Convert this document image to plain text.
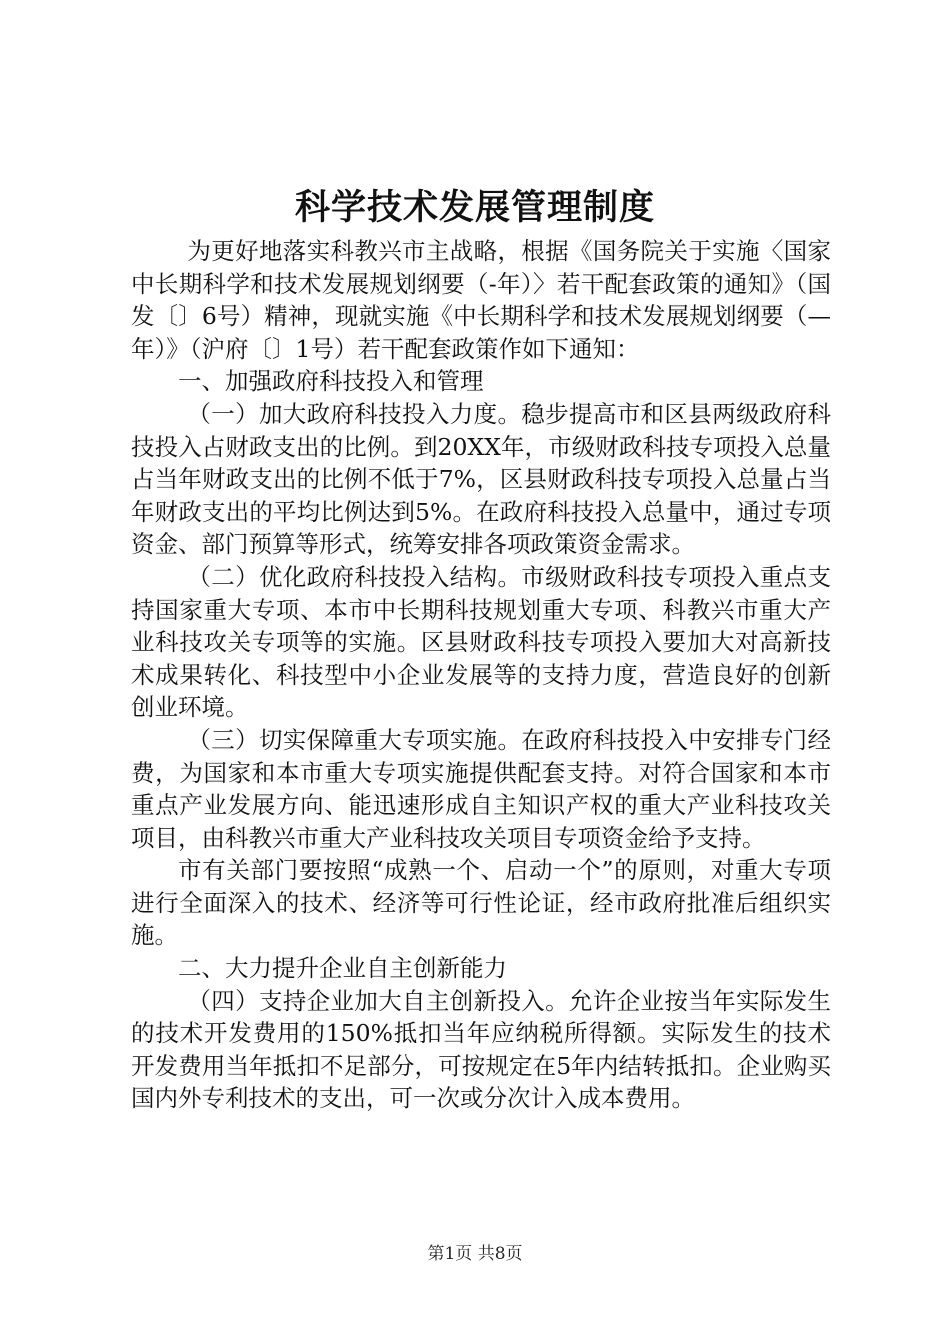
科学技术发展管理制度

为更好地落实科教兴市主战略，根据《国务院关于实施〈国家中长期科学和技术发展规划纲要（-年）〉若干配套政策的通知》（国发〔〕6号）精神，现就实施《中长期科学和技术发展规划纲要（—年）》（沪府〔〕1号）若干配套政策作如下通知：

一、加强政府科技投入和管理

（一）加大政府科技投入力度。稳步提高市和区县两级政府科技投入占财政支出的比例。到20XX年，市级财政科技专项投入总量占当年财政支出的比例不低于7%，区县财政科技专项投入总量占当年财政支出的平均比例达到5%。在政府科技投入总量中，通过专项资金、部门预算等形式，统筹安排各项政策资金需求。

（二）优化政府科技投入结构。市级财政科技专项投入重点支持国家重大专项、本市中长期科技规划重大专项、科教兴市重大产业科技攻关专项等的实施。区县财政科技专项投入要加大对高新技术成果转化、科技型中小企业发展等的支持力度，营造良好的创新创业环境。

（三）切实保障重大专项实施。在政府科技投入中安排专门经费，为国家和本市重大专项实施提供配套支持。对符合国家和本市重点产业发展方向、能迅速形成自主知识产权的重大产业科技攻关项目，由科教兴市重大产业科技攻关项目专项资金给予支持。

市有关部门要按照“成熟一个、启动一个”的原则，对重大专项进行全面深入的技术、经济等可行性论证，经市政府批准后组织实施。

二、大力提升企业自主创新能力

（四）支持企业加大自主创新投入。允许企业按当年实际发生的技术开发费用的150%抵扣当年应纳税所得额。实际发生的技术开发费用当年抵扣不足部分，可按规定在5年内结转抵扣。企业购买国内外专利技术的支出，可一次或分次计入成本费用。

第1页 共8页
